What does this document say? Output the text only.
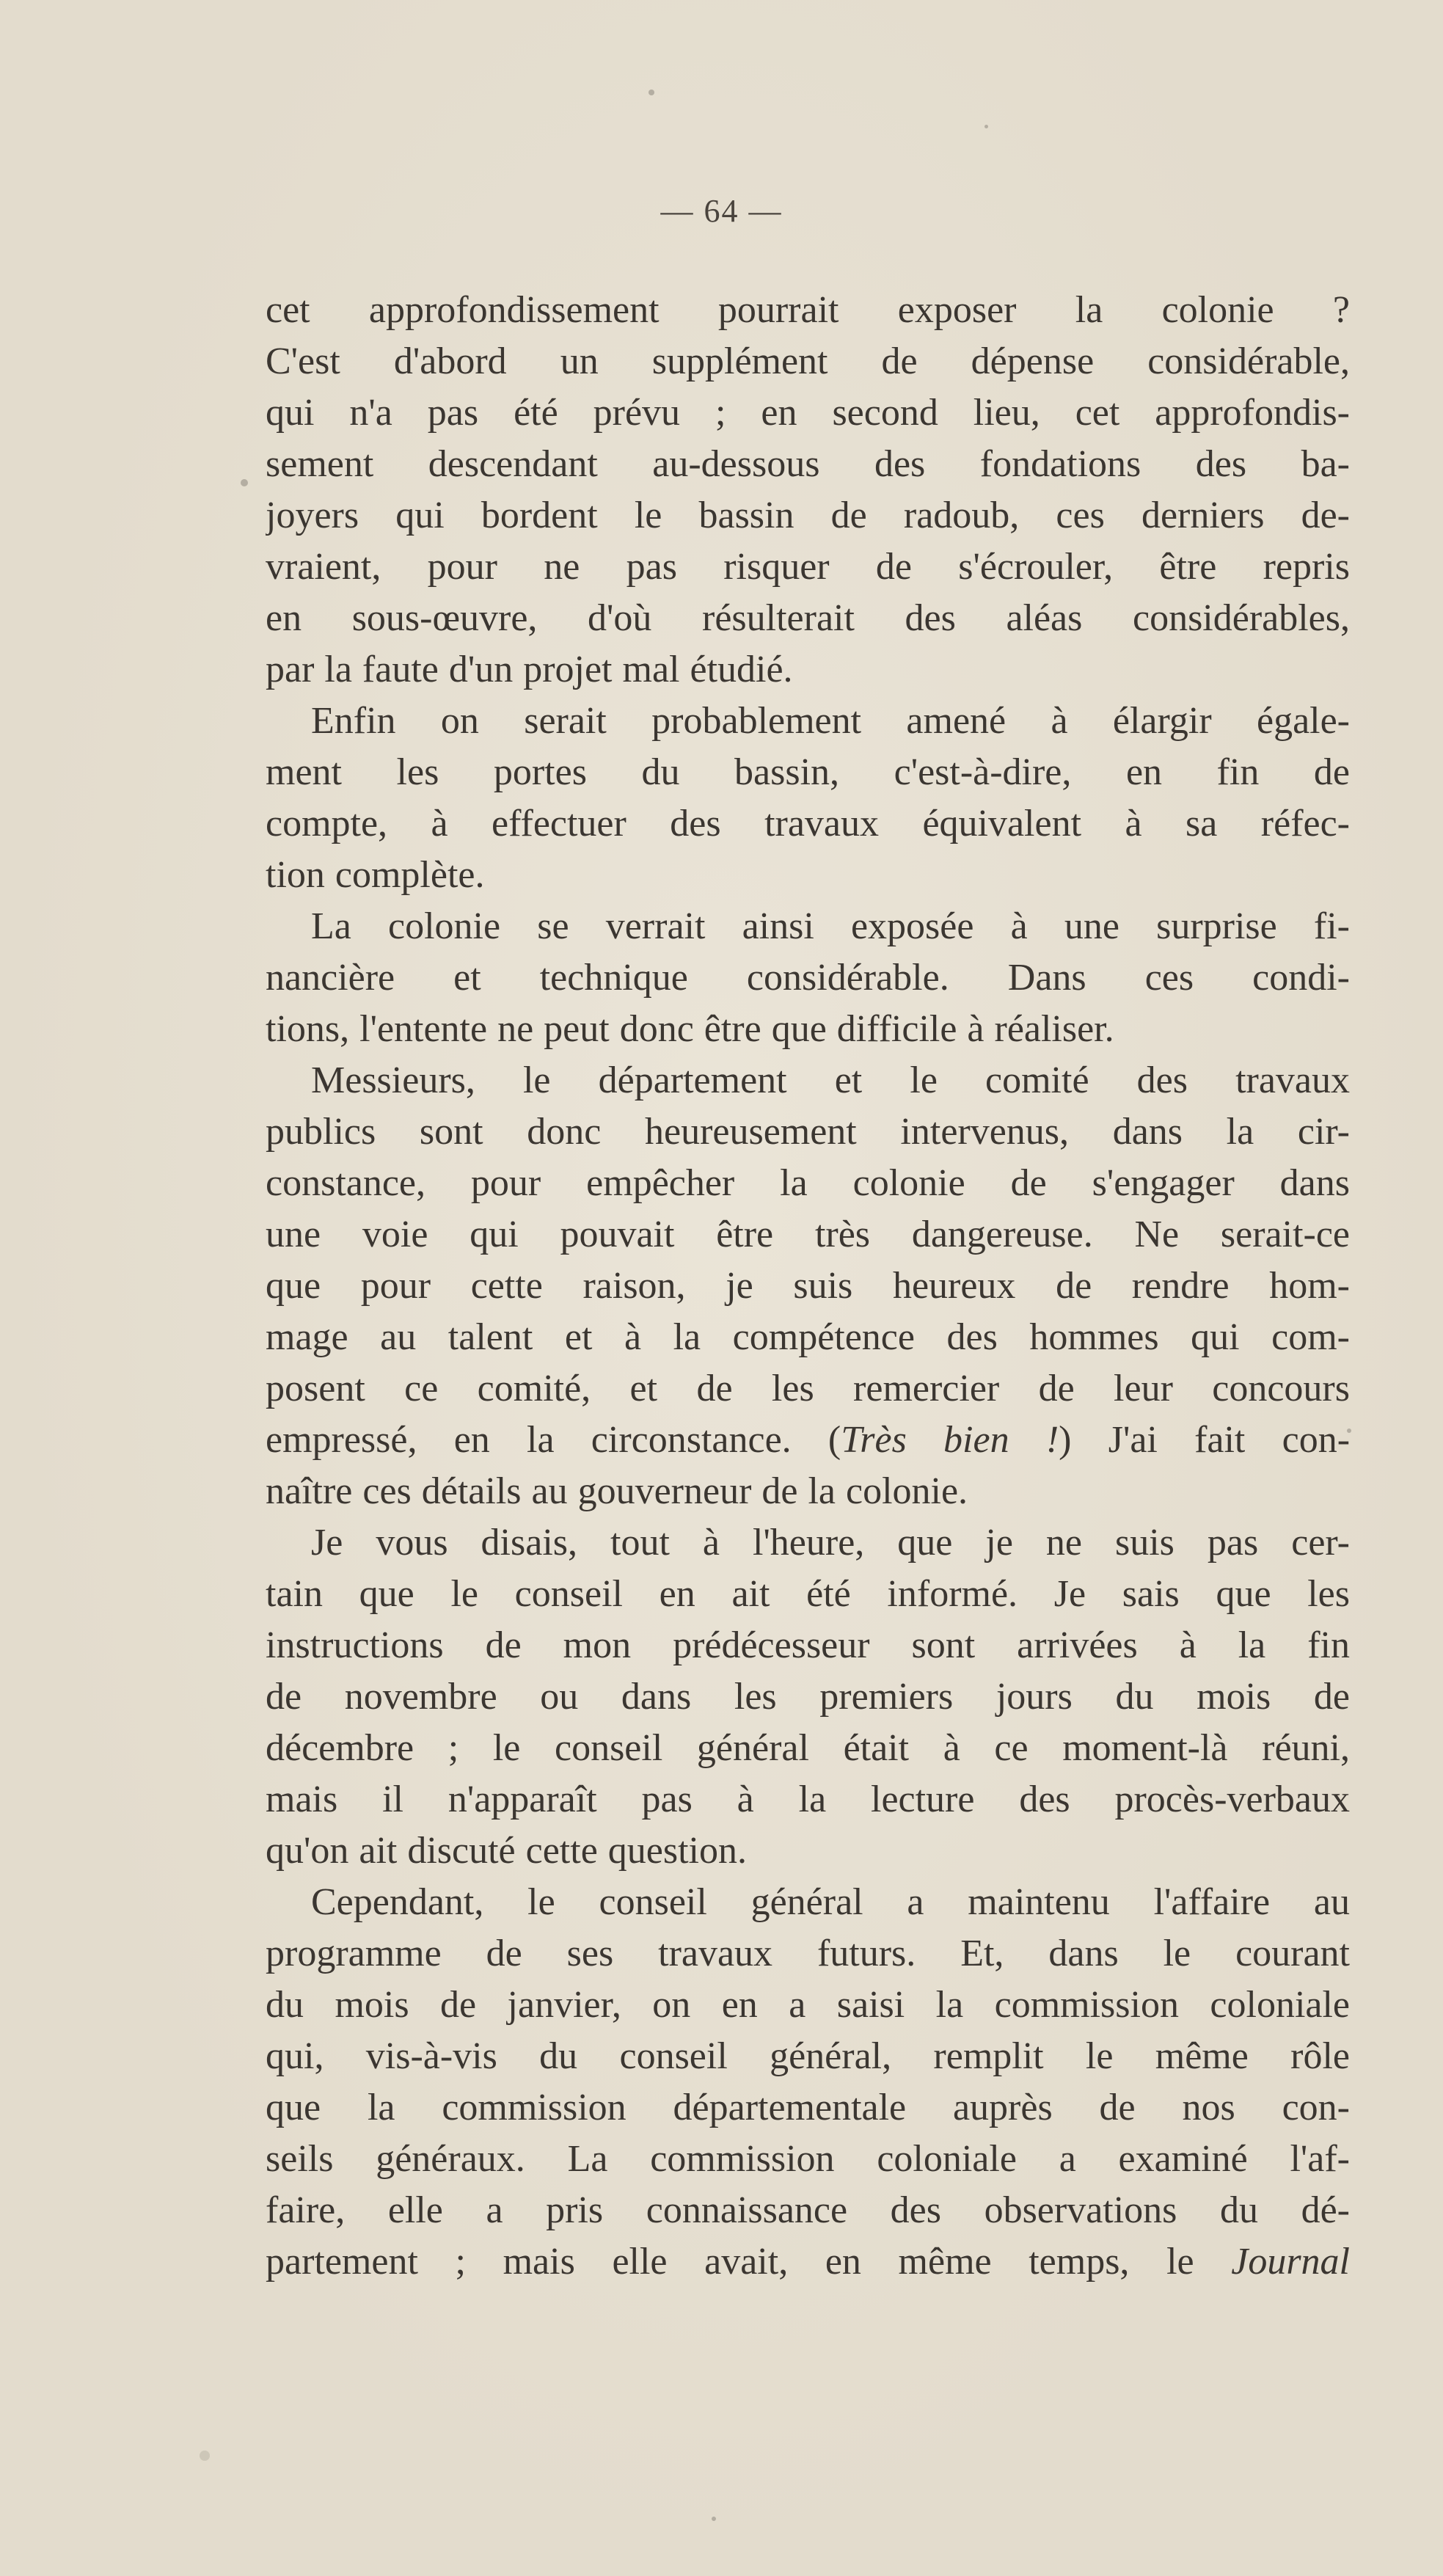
— 64 —

cet approfondissement pourrait exposer la colonie ?
C'est d'abord un supplément de dépense considérable,
qui n'a pas été prévu ; en second lieu, cet approfondis-
sement descendant au-dessous des fondations des ba-
joyers qui bordent le bassin de radoub, ces derniers de-
vraient, pour ne pas risquer de s'écrouler, être repris
en sous-œuvre, d'où résulterait des aléas considérables,
par la faute d'un projet mal étudié.

Enfin on serait probablement amené à élargir égale-
ment les portes du bassin, c'est-à-dire, en fin de
compte, à effectuer des travaux équivalent à sa réfec-
tion complète.

La colonie se verrait ainsi exposée à une surprise fi-
nancière et technique considérable. Dans ces condi-
tions, l'entente ne peut donc être que difficile à réaliser.

Messieurs, le département et le comité des travaux
publics sont donc heureusement intervenus, dans la cir-
constance, pour empêcher la colonie de s'engager dans
une voie qui pouvait être très dangereuse. Ne serait-ce
que pour cette raison, je suis heureux de rendre hom-
mage au talent et à la compétence des hommes qui com-
posent ce comité, et de les remercier de leur concours
empressé, en la circonstance. (Très bien !) J'ai fait con-
naître ces détails au gouverneur de la colonie.

Je vous disais, tout à l'heure, que je ne suis pas cer-
tain que le conseil en ait été informé. Je sais que les
instructions de mon prédécesseur sont arrivées à la fin
de novembre ou dans les premiers jours du mois de
décembre ; le conseil général était à ce moment-là réuni,
mais il n'apparaît pas à la lecture des procès-verbaux
qu'on ait discuté cette question.

Cependant, le conseil général a maintenu l'affaire au
programme de ses travaux futurs. Et, dans le courant
du mois de janvier, on en a saisi la commission coloniale
qui, vis-à-vis du conseil général, remplit le même rôle
que la commission départementale auprès de nos con-
seils généraux. La commission coloniale a examiné l'af-
faire, elle a pris connaissance des observations du dé-
partement ; mais elle avait, en même temps, le Journal
